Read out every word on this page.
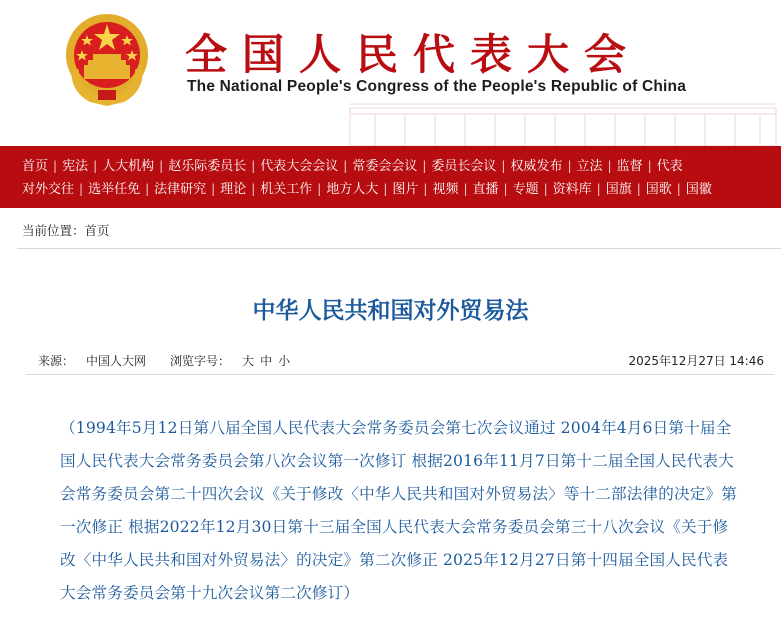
全国人民代表大会
The National People's Congress of the People's Republic of China
首页 | 宪法 | 人大机构 | 赵乐际委员长 | 代表大会会议 | 常委会会议 | 委员长会议 | 权威发布 | 立法 | 监督 | 代表
对外交往 | 选举任免 | 法律研究 | 理论 | 机关工作 | 地方人大 | 图片 | 视频 | 直播 | 专题 | 资料库 | 国旗 | 国歌 | 国徽
当前位置：首页
中华人民共和国对外贸易法
来源： 中国人大网 浏览字号： 大 中 小	2025年12月27日 14:46

（1994年5月12日第八届全国人民代表大会常务委员会第七次会议通过 2004年4月6日第十届全国人民代表大会常务委员会第八次会议第一次修订 根据2016年11月7日第十二届全国人民代表大会常务委员会第二十四次会议《关于修改〈中华人民共和国对外贸易法〉等十二部法律的决定》第一次修正 根据2022年12月30日第十三届全国人民代表大会常务委员会第三十八次会议《关于修改〈中华人民共和国对外贸易法〉的决定》第二次修正 2025年12月27日第十四届全国人民代表大会常务委员会第十九次会议第二次修订）
